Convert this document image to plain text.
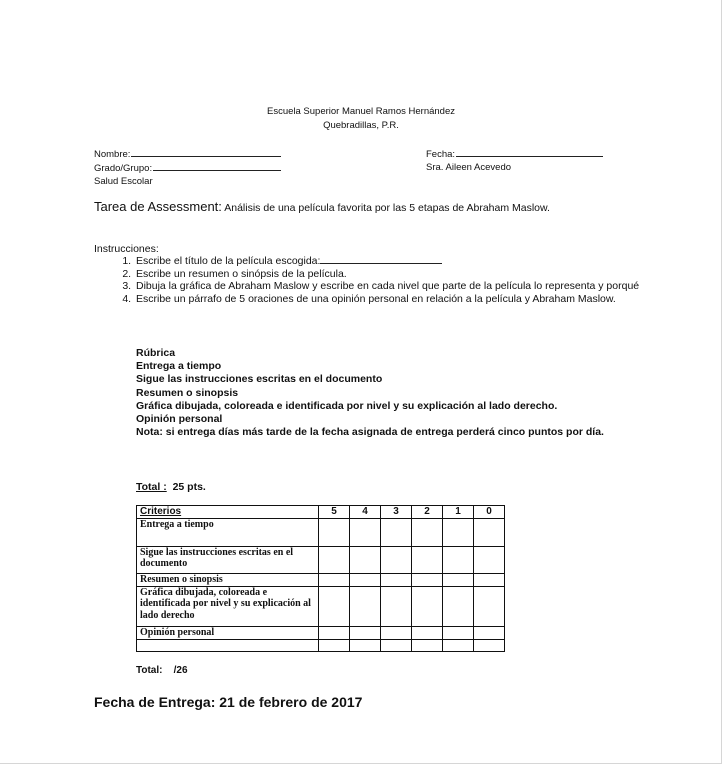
Escuela Superior Manuel Ramos Hernández
Quebradillas, P.R.
Nombre:
Grado/Grupo:
Salud Escolar
Fecha:
Sra. Aileen Acevedo
Tarea de Assessment: Análisis de una película favorita por las 5 etapas de Abraham Maslow.
Instrucciones:
1. Escribe el título de la película escogida:
2. Escribe un resumen o sinópsis de la película.
3. Dibuja la gráfica de Abraham Maslow y escribe en cada nivel que parte de la película lo representa y porqué
4. Escribe un párrafo de 5 oraciones de una opinión personal en relación a la película y Abraham Maslow.
Rúbrica
Entrega a tiempo
Sigue las instrucciones escritas en el documento
Resumen o sinopsis
Gráfica dibujada, coloreada e identificada por nivel y su explicación al lado derecho.
Opinión personal
Nota: si entrega días más tarde de la fecha asignada de entrega perderá cinco puntos por día.
Total : 25 pts.
Criterios	5	4	3	2	1	0
Entrega a tiempo						
Sigue las instrucciones escritas en el documento						
Resumen o sinopsis						
Gráfica dibujada, coloreada e identificada por nivel y su explicación al lado derecho						
Opinión personal						

Total: /26
Fecha de Entrega: 21 de febrero de 2017
